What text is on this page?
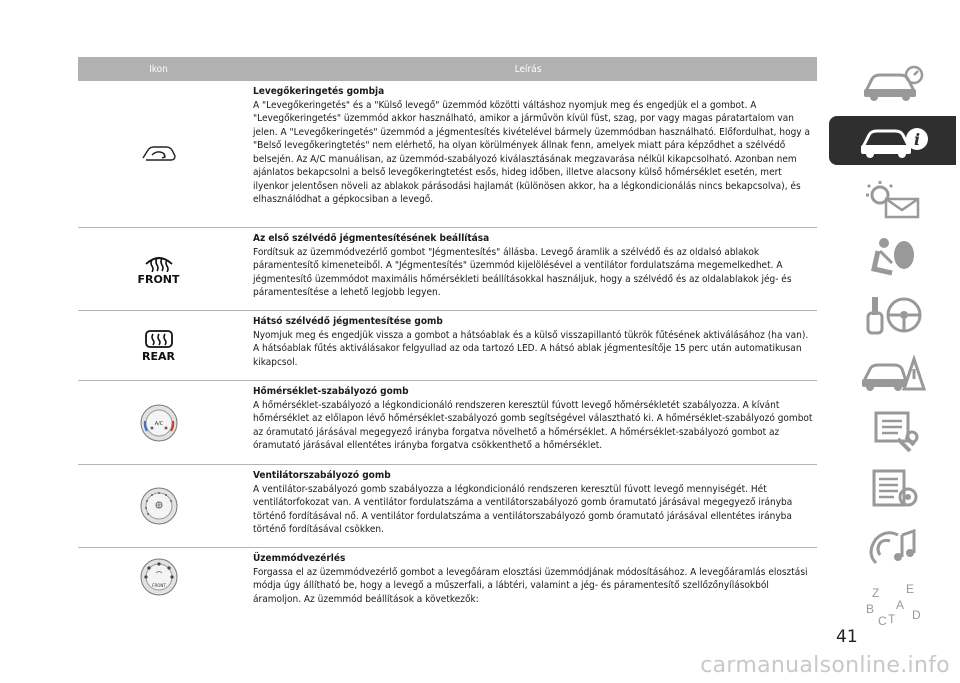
Ikon	Leírás
Levegőkeringetés gombja
A "Levegőkeringetés" és a "Külső levegő" üzemmód közötti váltáshoz nyomjuk meg és engedjük el a gombot. A "Levegőkeringetés" üzemmód akkor használható, amikor a járművön kívül füst, szag, por vagy magas páratartalom van jelen. A "Levegőkeringetés" üzemmód a jégmentesítés kivételével bármely üzemmódban használható. Előfordulhat, hogy a "Belső levegőkeringtetés" nem elérhető, ha olyan körülmények állnak fenn, amelyek miatt pára képződhet a szélvédő belsején. Az A/C manuálisan, az üzemmód-szabályozó kiválasztásának megzavarása nélkül kikapcsolható. Azonban nem ajánlatos bekapcsolni a belső levegőkeringtetést esős, hideg időben, illetve alacsony külső hőmérséklet esetén, mert ilyenkor jelentősen növeli az ablakok párásodási hajlamát (különösen akkor, ha a légkondicionálás nincs bekapcsolva), és elhasználódhat a gépkocsiban a levegő.
FRONT
Az első szélvédő jégmentesítésének beállítása
Fordítsuk az üzemmódvezérlő gombot "Jégmentesítés" állásba. Levegő áramlik a szélvédő és az oldalsó ablakok páramentesítő kimeneteiből. A "Jégmentesítés" üzemmód kijelölésével a ventilátor fordulatszáma megemelkedhet. A jégmentesítő üzemmódot maximális hőmérsékleti beállításokkal használjuk, hogy a szélvédő és az oldalablakok jég- és páramentesítése a lehető legjobb legyen.
REAR
Hátsó szélvédő jégmentesítése gomb
Nyomjuk meg és engedjük vissza a gombot a hátsóablak és a külső visszapillantó tükrök fűtésének aktiválásához (ha van). A hátsóablak fűtés aktiválásakor felgyullad az oda tartozó LED. A hátsó ablak jégmentesítője 15 perc után automatikusan kikapcsol.
A/C
Hőmérséklet-szabályozó gomb
A hőmérséklet-szabályozó a légkondicionáló rendszeren keresztül fúvott levegő hőmérsékletét szabályozza. A kívánt hőmérséklet az előlapon lévő hőmérséklet-szabályozó gomb segítségével választható ki. A hőmérséklet-szabályozó gombot az óramutató járásával megegyező irányba forgatva növelhető a hőmérséklet. A hőmérséklet-szabályozó gombot az óramutató járásával ellentétes irányba forgatva csökkenthető a hőmérséklet.
Ventilátorszabályozó gomb
A ventilátor-szabályozó gomb szabályozza a légkondicionáló rendszeren keresztül fúvott levegő mennyiségét. Hét ventilátorfokozat van. A ventilátor fordulatszáma a ventilátorszabályozó gomb óramutató járásával megegyező irányba történő fordításával nő. A ventilátor fordulatszáma a ventilátorszabályozó gomb óramutató járásával ellentétes irányba történő fordításával csökken.
FRONT
Üzemmódvezérlés
Forgassa el az üzemmódvezérlő gombot a levegőáram elosztási üzemmódjának módosításához. A levegőáramlás elosztási módja úgy állítható be, hogy a levegő a műszerfali, a lábtéri, valamint a jég- és páramentesítő szellőzőnyílásokból áramoljon. Az üzemmód beállítások a következők:
i
Z E
B A
C T D
41
carmanualsonline.info
